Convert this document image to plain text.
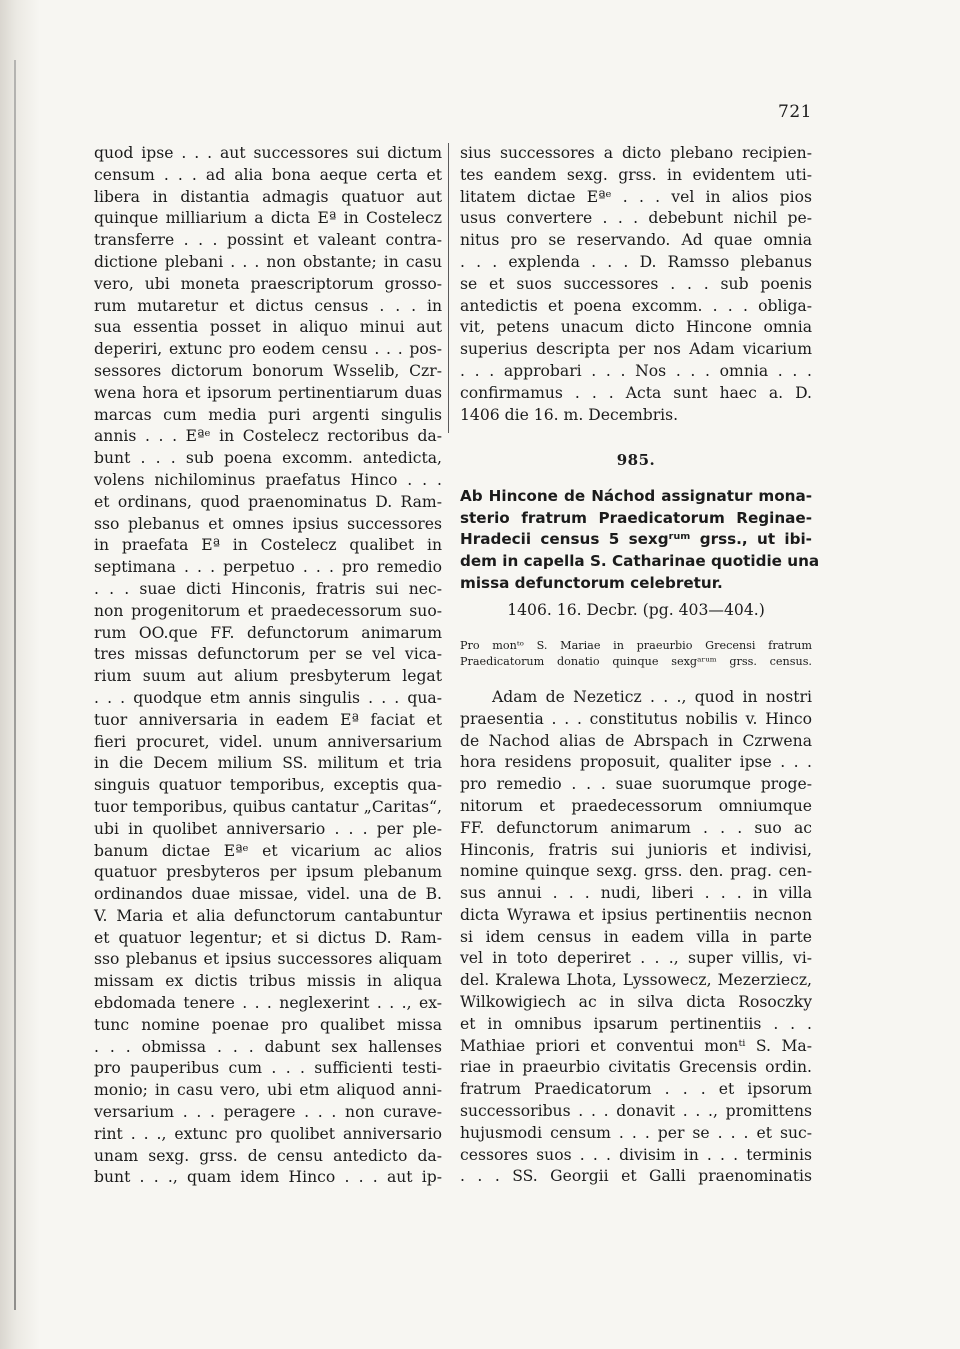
721
quod ipse . . . aut successores sui dictum
censum . . . ad alia bona aeque certa et
libera in distantia admagis quatuor aut
quinque milliarium a dicta Eª in Costelecz
transferre . . . possint et valeant contra-
dictione plebani . . . non obstante; in casu
vero, ubi moneta praescriptorum grosso-
rum mutaretur et dictus census . . . in
sua essentia posset in aliquo minui aut
deperiri, extunc pro eodem censu . . . pos-
sessores dictorum bonorum Wsselib, Czr-
wena hora et ipsorum pertinentiarum duas
marcas cum media puri argenti singulis
annis . . . Eªᵉ in Costelecz rectoribus da-
bunt . . . sub poena excomm. antedicta,
volens nichilominus praefatus Hinco . . .
et ordinans, quod praenominatus D. Ram-
sso plebanus et omnes ipsius successores
in praefata Eª in Costelecz qualibet in
septimana . . . perpetuo . . . pro remedio
. . . suae dicti Hinconis, fratris sui nec-
non progenitorum et praedecessorum suo-
rum OO.que FF. defunctorum animarum
tres missas defunctorum per se vel vica-
rium suum aut alium presbyterum legat
. . . quodque etm annis singulis . . . qua-
tuor anniversaria in eadem Eª faciat et
fieri procuret, videl. unum anniversarium
in die Decem milium SS. militum et tria
singuis quatuor temporibus, exceptis qua-
tuor temporibus, quibus cantatur „Caritas“,
ubi in quolibet anniversario . . . per ple-
banum dictae Eªᵉ et vicarium ac alios
quatuor presbyteros per ipsum plebanum
ordinandos duae missae, videl. una de B.
V. Maria et alia defunctorum cantabuntur
et quatuor legentur; et si dictus D. Ram-
sso plebanus et ipsius successores aliquam
missam ex dictis tribus missis in aliqua
ebdomada tenere . . . neglexerint . . ., ex-
tunc nomine poenae pro qualibet missa
. . . obmissa . . . dabunt sex hallenses
pro pauperibus cum . . . sufficienti testi-
monio; in casu vero, ubi etm aliquod anni-
versarium . . . peragere . . . non curave-
rint . . ., extunc pro quolibet anniversario
unam sexg. grss. de censu antedicto da-
bunt . . ., quam idem Hinco . . . aut ip-
sius successores a dicto plebano recipien-
tes eandem sexg. grss. in evidentem uti-
litatem dictae Eªᵉ . . . vel in alios pios
usus convertere . . . debebunt nichil pe-
nitus pro se reservando. Ad quae omnia
. . . explenda . . . D. Ramsso plebanus
se et suos successores . . . sub poenis
antedictis et poena excomm. . . . obliga-
vit, petens unacum dicto Hincone omnia
superius descripta per nos Adam vicarium
. . . approbari . . . Nos . . . omnia . . .
confirmamus . . . Acta sunt haec a. D.
1406 die 16. m. Decembris.
985.
Ab Hincone de Náchod assignatur mona-
sterio fratrum Praedicatorum Reginae-
Hradecii census 5 sexgʳᵘᵐ grss., ut ibi-
dem in capella S. Catharinae quotidie una
missa defunctorum celebretur.
1406. 16. Decbr. (pg. 403—404.)
Pro monᵗᵒ S. Mariae in praeurbio Grecensi fratrum
Praedicatorum donatio quinque sexgᵃʳᵘᵐ grss. census.
Adam de Nezeticz . . ., quod in nostri
praesentia . . . constitutus nobilis v. Hinco
de Nachod alias de Abrspach in Czrwena
hora residens proposuit, qualiter ipse . . .
pro remedio . . . suae suorumque proge-
nitorum et praedecessorum omniumque
FF. defunctorum animarum . . . suo ac
Hinconis, fratris sui junioris et indivisi,
nomine quinque sexg. grss. den. prag. cen-
sus annui . . . nudi, liberi . . . in villa
dicta Wyrawa et ipsius pertinentiis necnon
si idem census in eadem villa in parte
vel in toto deperiret . . ., super villis, vi-
del. Kralewa Lhota, Lyssowecz, Mezerziecz,
Wilkowigiech ac in silva dicta Rosoczky
et in omnibus ipsarum pertinentiis . . .
Mathiae priori et conventui monᵗⁱ S. Ma-
riae in praeurbio civitatis Grecensis ordin.
fratrum Praedicatorum . . . et ipsorum
successoribus . . . donavit . . ., promittens
hujusmodi censum . . . per se . . . et suc-
cessores suos . . . divisim in . . . terminis
. . . SS. Georgii et Galli praenominatis
